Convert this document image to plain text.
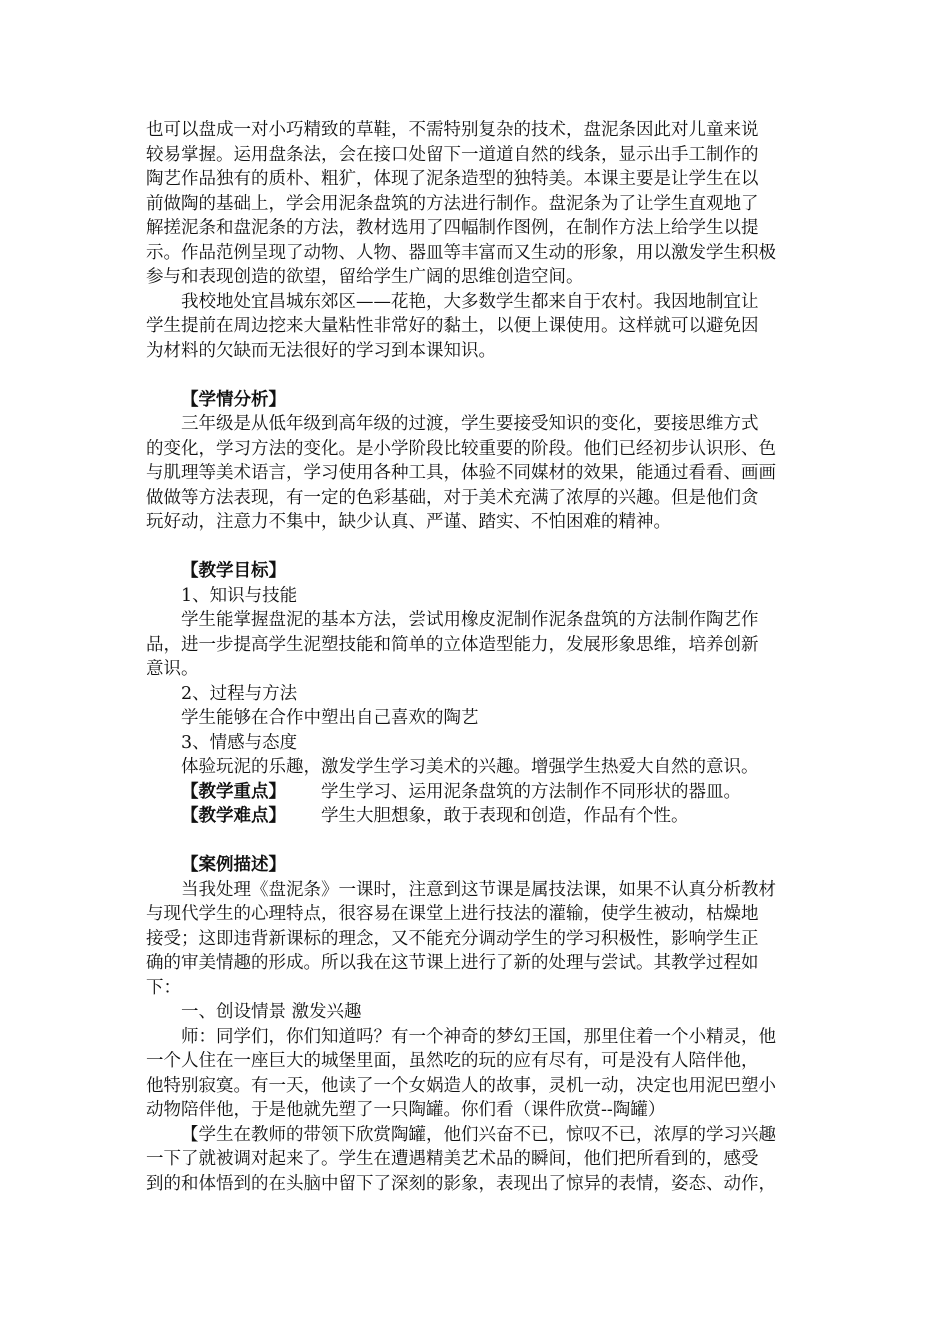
也可以盘成一对小巧精致的草鞋，不需特别复杂的技术，盘泥条因此对儿童来说
较易掌握。运用盘条法，会在接口处留下一道道自然的线条，显示出手工制作的
陶艺作品独有的质朴、粗犷，体现了泥条造型的独特美。本课主要是让学生在以
前做陶的基础上，学会用泥条盘筑的方法进行制作。盘泥条为了让学生直观地了
解搓泥条和盘泥条的方法，教材选用了四幅制作图例，在制作方法上给学生以提
示。作品范例呈现了动物、人物、器皿等丰富而又生动的形象，用以激发学生积极
参与和表现创造的欲望，留给学生广阔的思维创造空间。
我校地处宜昌城东郊区——花艳，大多数学生都来自于农村。我因地制宜让
学生提前在周边挖来大量粘性非常好的黏土，以便上课使用。这样就可以避免因
为材料的欠缺而无法很好的学习到本课知识。
【学情分析】
三年级是从低年级到高年级的过渡，学生要接受知识的变化，要接思维方式
的变化，学习方法的变化。是小学阶段比较重要的阶段。他们已经初步认识形、色
与肌理等美术语言，学习使用各种工具，体验不同媒材的效果，能通过看看、画画
做做等方法表现，有一定的色彩基础，对于美术充满了浓厚的兴趣。但是他们贪
玩好动，注意力不集中，缺少认真、严谨、踏实、不怕困难的精神。
【教学目标】
1、知识与技能
学生能掌握盘泥的基本方法，尝试用橡皮泥制作泥条盘筑的方法制作陶艺作
品，进一步提高学生泥塑技能和简单的立体造型能力，发展形象思维，培养创新
意识。
2、过程与方法
学生能够在合作中塑出自己喜欢的陶艺
3、情感与态度
体验玩泥的乐趣，激发学生学习美术的兴趣。增强学生热爱大自然的意识。
【教学重点】 学生学习、运用泥条盘筑的方法制作不同形状的器皿。
【教学难点】 学生大胆想象，敢于表现和创造，作品有个性。
【案例描述】
当我处理《盘泥条》一课时，注意到这节课是属技法课，如果不认真分析教材
与现代学生的心理特点，很容易在课堂上进行技法的灌输，使学生被动，枯燥地
接受；这即违背新课标的理念，又不能充分调动学生的学习积极性，影响学生正
确的审美情趣的形成。所以我在这节课上进行了新的处理与尝试。其教学过程如
下：
一、创设情景 激发兴趣
师：同学们，你们知道吗？有一个神奇的梦幻王国，那里住着一个小精灵，他
一个人住在一座巨大的城堡里面，虽然吃的玩的应有尽有，可是没有人陪伴他，
他特别寂寞。有一天，他读了一个女娲造人的故事，灵机一动，决定也用泥巴塑小
动物陪伴他，于是他就先塑了一只陶罐。你们看（课件欣赏--陶罐）
【学生在教师的带领下欣赏陶罐，他们兴奋不已，惊叹不已，浓厚的学习兴趣
一下了就被调对起来了。学生在遭遇精美艺术品的瞬间，他们把所看到的，感受
到的和体悟到的在头脑中留下了深刻的影象，表现出了惊异的表情，姿态、动作，
